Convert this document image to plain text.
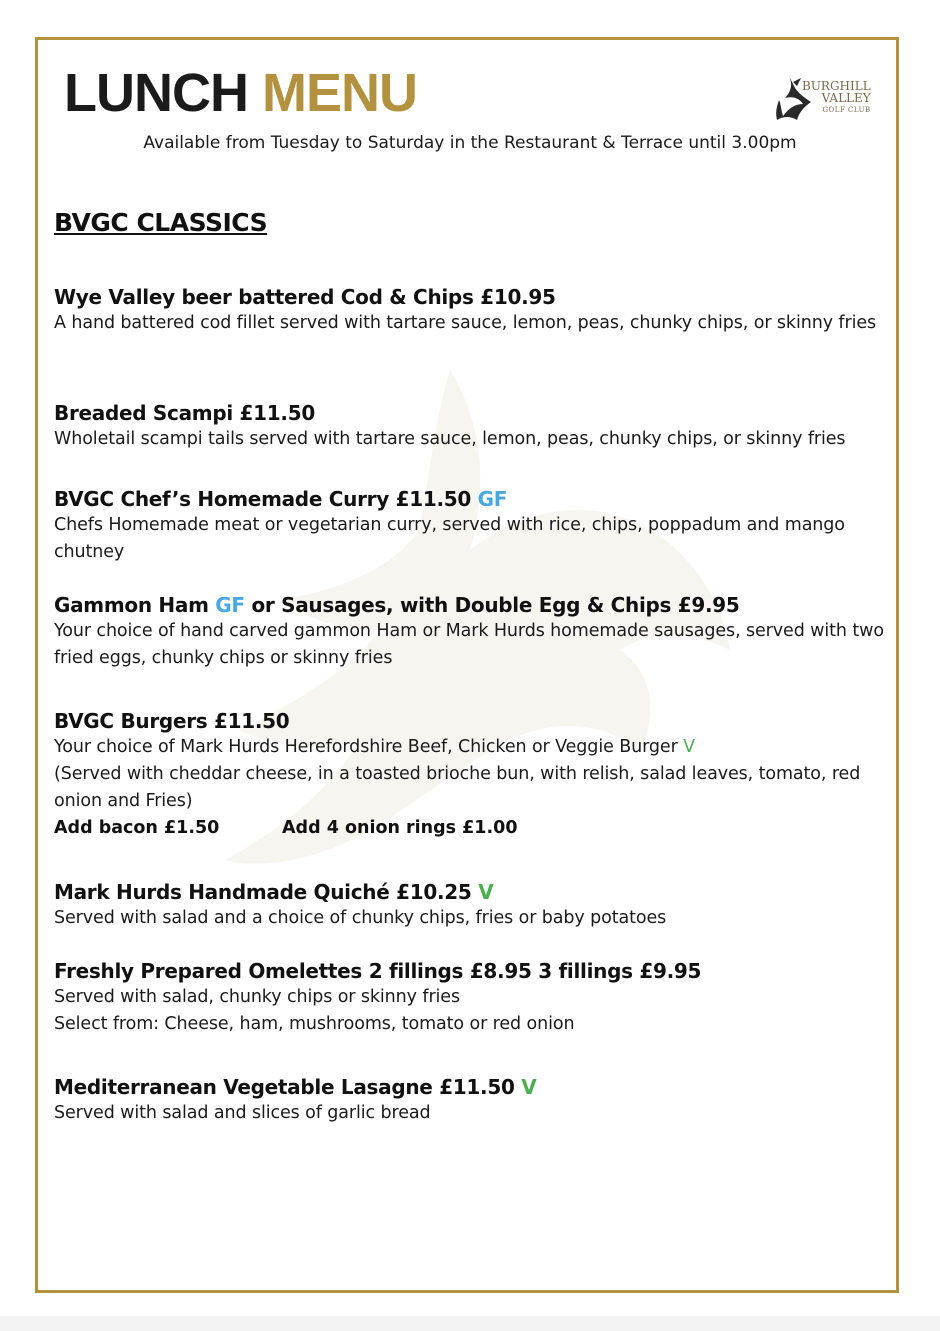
LUNCH MENU	BURGHILL
VALLEY
GOLF CLUB
Available from Tuesday to Saturday in the Restaurant & Terrace until 3.00pm
BVGC CLASSICS
Wye Valley beer battered Cod & Chips £10.95
A hand battered cod fillet served with tartare sauce, lemon, peas, chunky chips, or skinny fries
Breaded Scampi £11.50
Wholetail scampi tails served with tartare sauce, lemon, peas, chunky chips, or skinny fries
BVGC Chef’s Homemade Curry £11.50 GF
Chefs Homemade meat or vegetarian curry, served with rice, chips, poppadum and mango chutney
Gammon Ham GF or Sausages, with Double Egg & Chips £9.95
Your choice of hand carved gammon Ham or Mark Hurds homemade sausages, served with two fried eggs, chunky chips or skinny fries
BVGC Burgers £11.50
Your choice of Mark Hurds Herefordshire Beef, Chicken or Veggie Burger V
(Served with cheddar cheese, in a toasted brioche bun, with relish, salad leaves, tomato, red onion and Fries)
Add bacon £1.50	Add 4 onion rings £1.00
Mark Hurds Handmade Quiché £10.25 V
Served with salad and a choice of chunky chips, fries or baby potatoes
Freshly Prepared Omelettes 2 fillings £8.95 3 fillings £9.95
Served with salad, chunky chips or skinny fries
Select from: Cheese, ham, mushrooms, tomato or red onion
Mediterranean Vegetable Lasagne £11.50 V
Served with salad and slices of garlic bread
